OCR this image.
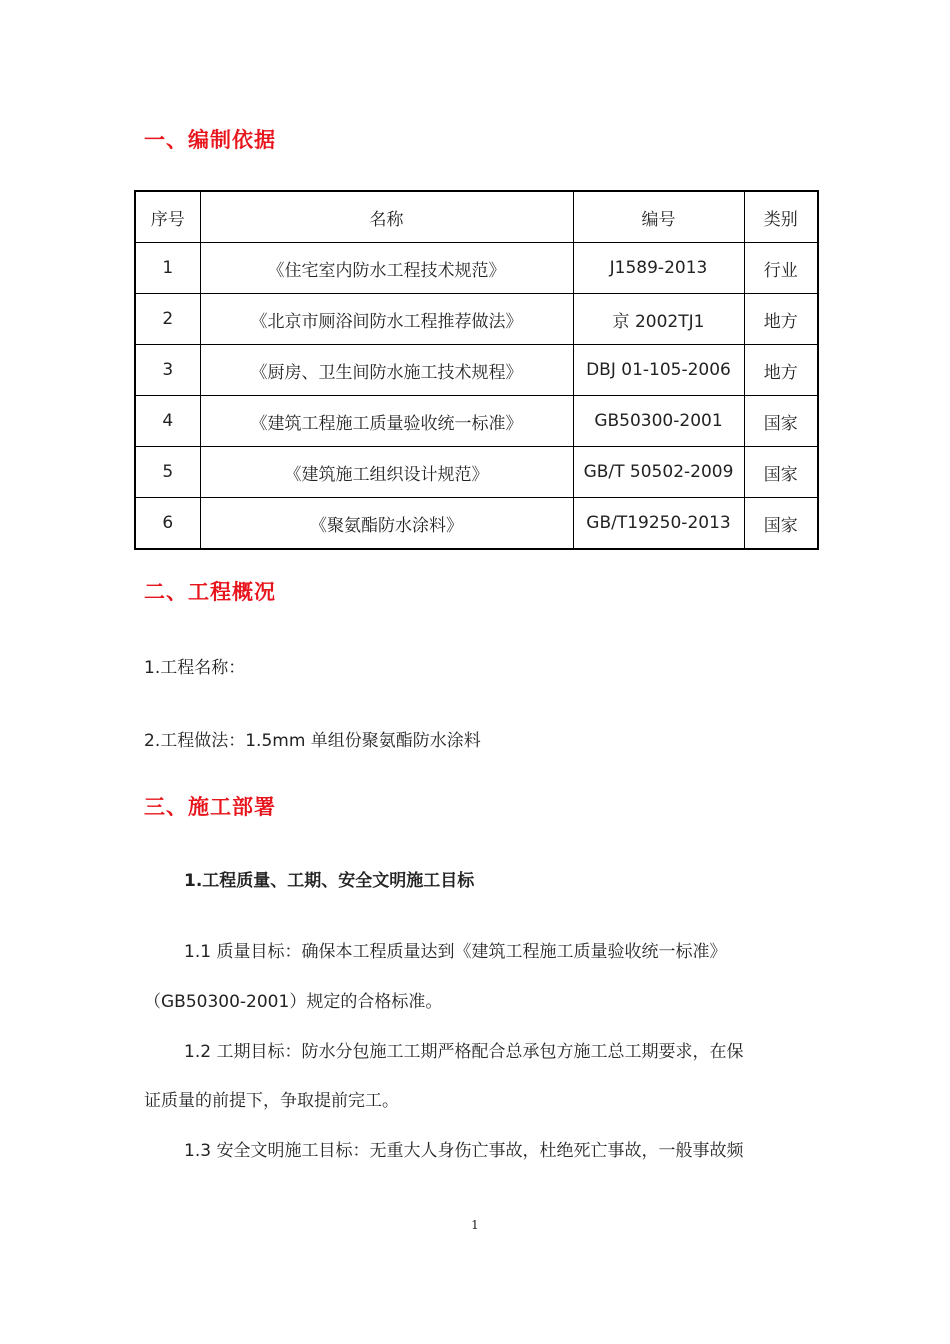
一、编制依据
序号	名称	编号	类别
1	《住宅室内防水工程技术规范》	J1589-2013	行业
2	《北京市厕浴间防水工程推荐做法》	京 2002TJ1	地方
3	《厨房、卫生间防水施工技术规程》	DBJ 01-105-2006	地方
4	《建筑工程施工质量验收统一标准》	GB50300-2001	国家
5	《建筑施工组织设计规范》	GB/T 50502-2009	国家
6	《聚氨酯防水涂料》	GB/T19250-2013	国家
二、工程概况
1.工程名称：
2.工程做法：1.5mm 单组份聚氨酯防水涂料
三、施工部署
1.工程质量、工期、安全文明施工目标
1.1 质量目标：确保本工程质量达到《建筑工程施工质量验收统一标准》
（GB50300-2001）规定的合格标准。
1.2 工期目标：防水分包施工工期严格配合总承包方施工总工期要求，在保
证质量的前提下，争取提前完工。
1.3 安全文明施工目标：无重大人身伤亡事故，杜绝死亡事故，一般事故频
1
